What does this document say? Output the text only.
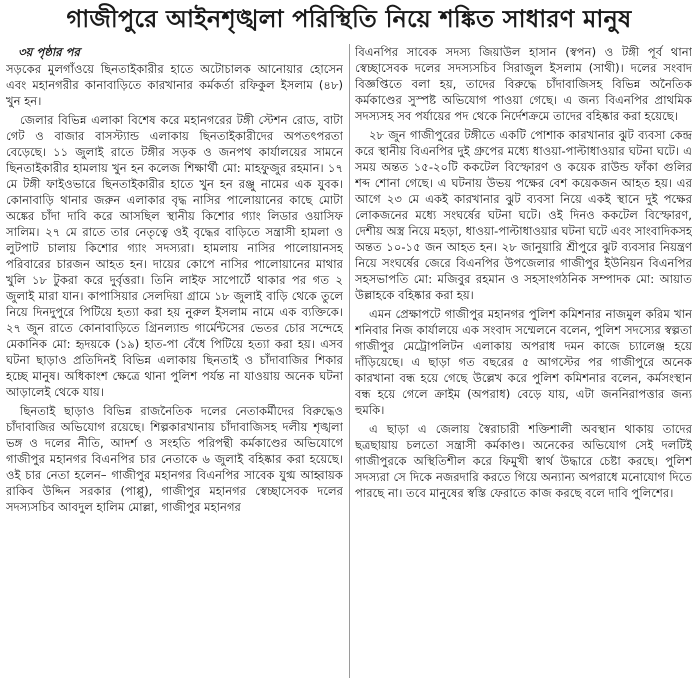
গাজীপুরে আইনশৃঙ্খলা পরিস্থিতি নিয়ে শঙ্কিত সাধারণ মানুষ
৩য় পৃষ্ঠার পর

সড়কের মুলগাঁওয়ে ছিনতাইকারীর হাতে অটোচালক আনোয়ার হোসেন এবং মহানগরীর কানাবাড়িতে কারখানার কর্মকর্তা রফিকুল ইসলাম (৪৮) খুন হন।

জেলার বিভিন্ন এলাকা বিশেষ করে মহানগরের টঙ্গী স্টেশন রোড, বাটা গেট ও বাজার বাসস্ট্যান্ড এলাকায় ছিনতাইকারীদের অপতৎপরতা বেড়েছে। ১১ জুলাই রাতে টঙ্গীর সড়ক ও জনপথ কার্যালয়ের সামনে ছিনতাইকারীর হামলায় খুন হন কলেজ শিক্ষার্থী মো: মাহফুজুর রহমান। ১৭ মে টঙ্গী ফাইওভারে ছিনতাইকারীর হাতে খুন হন রঞ্জু নামের এক যুবক। কোনাবাড়ি থানার জরুন এলাকার বৃদ্ধ নাসির পালোয়ানের কাছে মোটা অঙ্কের চাঁদা দাবি করে আসছিল স্থানীয় কিশোর গ্যাং লিডার ওয়াসিফ সালিম। ২৭ মে রাতে তার নেতৃত্বে ওই বৃদ্ধের বাড়িতে সন্ত্রাসী হামলা ও লুটপাট চালায় কিশোর গ্যাং সদস্যরা। হামলায় নাসির পালোয়ানসহ পরিবারের চারজন আহত হন। দায়ের কোপে নাসির পালোয়ানের মাথার খুলি ১৮ টুকরা করে দুর্বৃত্তরা। তিনি লাইফ সাপোর্টে থাকার পর গত ২ জুলাই মারা যান। কাপাসিয়ার সেলদিয়া গ্রামে ১৮ জুলাই বাড়ি থেকে তুলে নিয়ে দিনদুপুরে পিটিয়ে হত্যা করা হয় নুরুল ইসলাম নামে এক ব্যক্তিকে। ২৭ জুন রাতে কোনাবাড়িতে গ্রিনল্যান্ড গার্মেন্টসের ভেতর চোর সন্দেহে মেকানিক মো: হৃদয়কে (১৯) হাত-পা বেঁধে পিটিয়ে হত্যা করা হয়। এসব ঘটনা ছাড়াও প্রতিদিনই বিভিন্ন এলাকায় ছিনতাই ও চাঁদাবাজির শিকার হচ্ছে মানুষ। অধিকাংশ ক্ষেত্রে থানা পুলিশ পর্যন্ত না যাওয়ায় অনেক ঘটনা আড়ালেই থেকে যায়।

ছিনতাই ছাড়াও বিভিন্ন রাজনৈতিক দলের নেতাকর্মীদের বিরুদ্ধেও চাঁদাবাজির অভিযোগ রয়েছে। শিল্পকারখানায় চাঁদাবাজিসহ দলীয় শৃঙ্খলা ভঙ্গ ও দলের নীতি, আদর্শ ও সংহতি পরিপন্থী কর্মকাণ্ডের অভিযোগে গাজীপুর মহানগর বিএনপির চার নেতাকে ৬ জুলাই বহিষ্কার করা হয়েছে। ওই চার নেতা হলেন– গাজীপুর মহানগর বিএনপির সাবেক যুগ্ম আহ্বায়ক রাকিব উদ্দিন সরকার (পাপ্পু), গাজীপুর মহানগর স্বেচ্ছাসেবক দলের সদস্যসচিব আবদুল হালিম মোল্লা, গাজীপুর মহানগর

বিএনপির সাবেক সদস্য জিয়াউল হাসান (স্বপন) ও টঙ্গী পূর্ব থানা স্বেচ্ছাসেবক দলের সদস্যসচিব সিরাজুল ইসলাম (সাথী)। দলের সংবাদ বিজ্ঞপ্তিতে বলা হয়, তাদের বিরুদ্ধে চাঁদাবাজিসহ বিভিন্ন অনৈতিক কর্মকাণ্ডের সুস্পষ্ট অভিযোগ পাওয়া গেছে। এ জন্য বিএনপির প্রাথমিক সদস্যসহ সব পর্যায়ের পদ থেকে নির্দেশক্রমে তাদের বহিষ্কার করা হয়েছে।

২৮ জুন গাজীপুরের টঙ্গীতে একটি পোশাক কারখানার ঝুট ব্যবসা কেন্দ্র করে স্থানীয় বিএনপির দুই গ্রুপের মধ্যে ধাওয়া-পাল্টাধাওয়ার ঘটনা ঘটে। এ সময় অন্তত ১৫-২০টি ককটেল বিস্ফোরণ ও কয়েক রাউন্ড ফাঁকা গুলির শব্দ শোনা গেছে। এ ঘটনায় উভয় পক্ষের বেশ কয়েকজন আহত হয়। এর আগে ২৩ মে একই কারখানার ঝুট ব্যবসা নিয়ে একই স্থানে দুই পক্ষের লোকজনের মধ্যে সংঘর্ষের ঘটনা ঘটে। ওই দিনও ককটেল বিস্ফোরণ, দেশীয় অস্ত্র নিয়ে মহড়া, ধাওয়া-পাল্টাধাওয়ার ঘটনা ঘটে এবং সাংবাদিকসহ অন্তত ১০-১৫ জন আহত হন। ২৮ জানুয়ারি শ্রীপুরে ঝুট ব্যবসার নিয়ন্ত্রণ নিয়ে সংঘর্ষের জেরে বিএনপির উপজেলার গাজীপুর ইউনিয়ন বিএনপির সহসভাপতি মো: মজিবুর রহমান ও সহসাংগঠনিক সম্পাদক মো: আয়াত উল্লাহকে বহিষ্কার করা হয়।

এমন প্রেক্ষাপটে গাজীপুর মহানগর পুলিশ কমিশনার নাজমুল করিম খান শনিবার নিজ কার্যালয়ে এক সংবাদ সম্মেলনে বলেন, পুলিশ সদস্যের স্বল্পতা গাজীপুর মেট্রোপলিটন এলাকায় অপরাধ দমন কাজে চ্যালেঞ্জ হয়ে দাঁড়িয়েছে। এ ছাড়া গত বছরের ৫ আগস্টের পর গাজীপুরে অনেক কারখানা বন্ধ হয়ে গেছে উল্লেখ করে পুলিশ কমিশনার বলেন, কর্মসংস্থান বন্ধ হয়ে গেলে ক্রাইম (অপরাধ) বেড়ে যায়, এটা জননিরাপত্তার জন্য হুমকি।

এ ছাড়া এ জেলায় স্বৈরাচারী শক্তিশালী অবস্থান থাকায় তাদের ছত্রছায়ায় চলতো সন্ত্রাসী কর্মকাণ্ড। অনেকের অভিযোগ সেই দলটিই গাজীপুরকে অস্থিতিশীল করে ফিমুখী স্বার্থ উদ্ধারে চেষ্টা করছে। পুলিশ সদস্যরা সে দিকে নজরদারি করতে গিয়ে অন্যান্য অপরাধে মনোযোগ দিতে পারছে না। তবে মানুষের স্বস্তি ফেরাতে কাজ করছে বলে দাবি পুলিশের।
